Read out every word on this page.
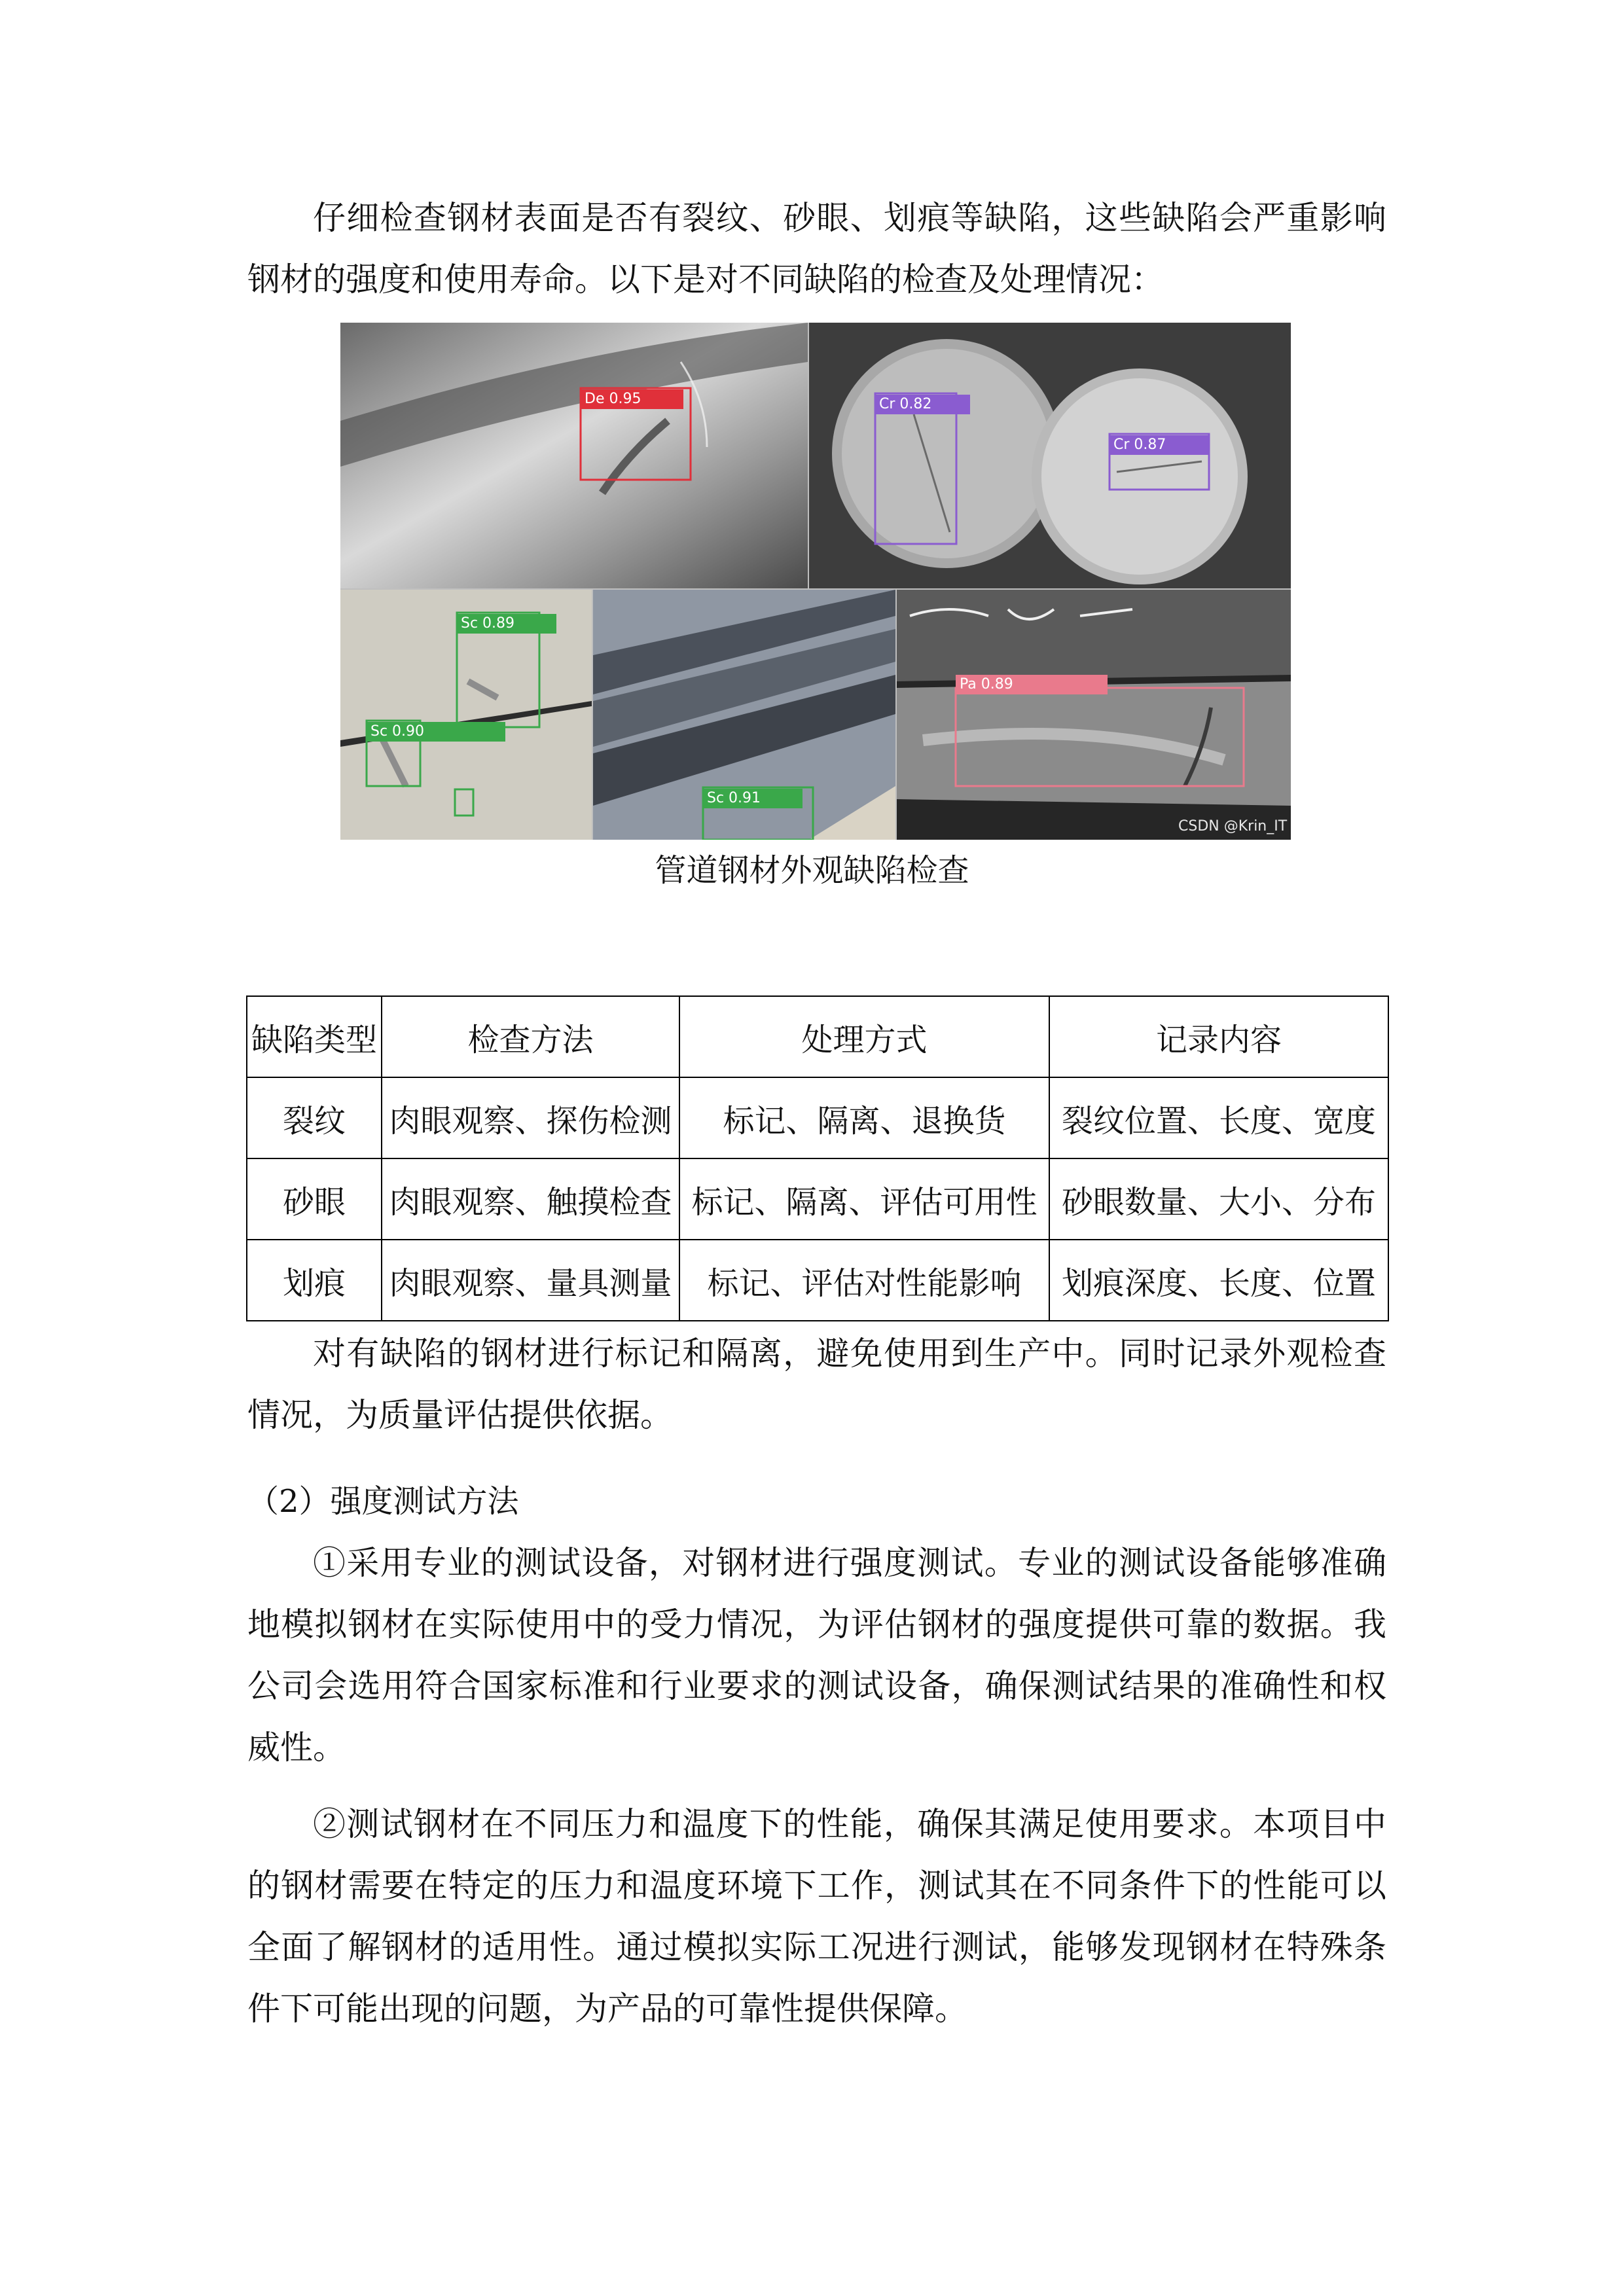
仔细检查钢材表面是否有裂纹、砂眼、划痕等缺陷，这些缺陷会严重影响钢材的强度和使用寿命。以下是对不同缺陷的检查及处理情况：

De 0.95	Cr 0.82
Cr 0.87
Sc 0.89
Sc 0.90
Sc 0.91
CSDN @Krin_IT
Pa 0.89
管道钢材外观缺陷检查
缺陷类型	检查方法	处理方式	记录内容
裂纹	肉眼观察、探伤检测	标记、隔离、退换货	裂纹位置、长度、宽度
砂眼	肉眼观察、触摸检查	标记、隔离、评估可用性	砂眼数量、大小、分布
划痕	肉眼观察、量具测量	标记、评估对性能影响	划痕深度、长度、位置

对有缺陷的钢材进行标记和隔离，避免使用到生产中。同时记录外观检查情况，为质量评估提供依据。

（2）强度测试方法

①采用专业的测试设备，对钢材进行强度测试。专业的测试设备能够准确地模拟钢材在实际使用中的受力情况，为评估钢材的强度提供可靠的数据。我公司会选用符合国家标准和行业要求的测试设备，确保测试结果的准确性和权威性。

②测试钢材在不同压力和温度下的性能，确保其满足使用要求。本项目中的钢材需要在特定的压力和温度环境下工作，测试其在不同条件下的性能可以全面了解钢材的适用性。通过模拟实际工况进行测试，能够发现钢材在特殊条件下可能出现的问题，为产品的可靠性提供保障。
